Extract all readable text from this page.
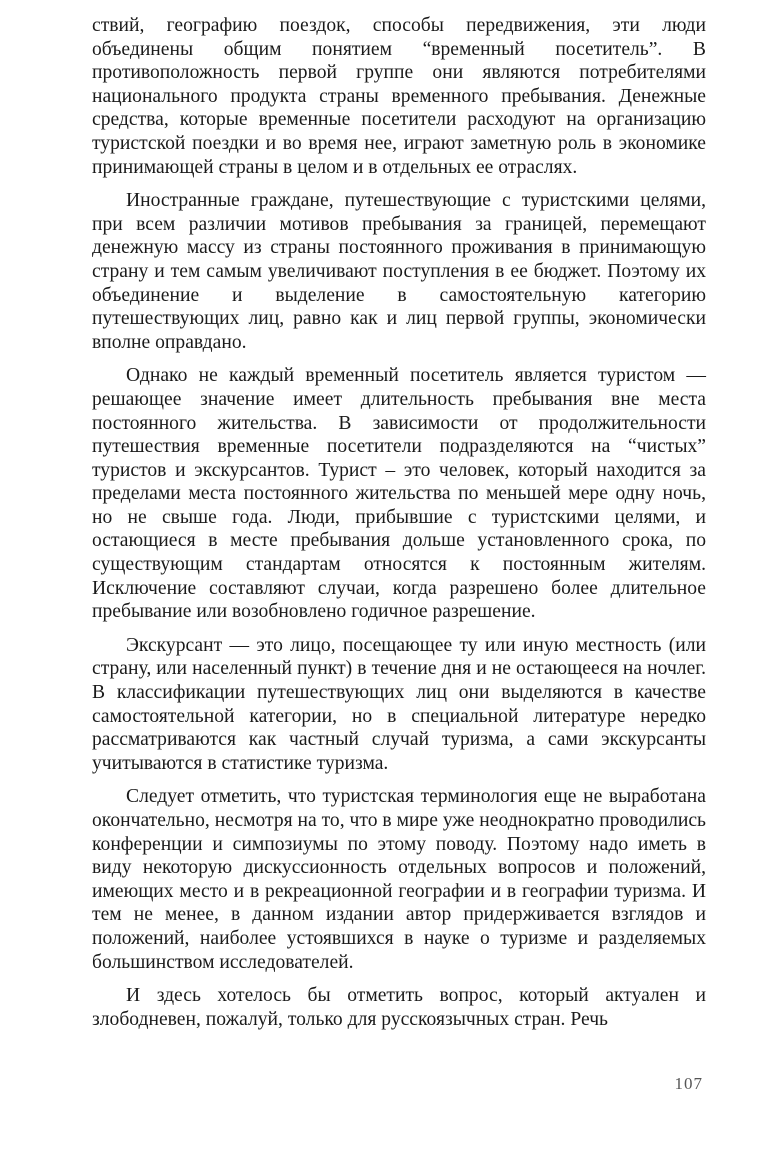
ствий, географию поездок, способы передвижения, эти люди объединены общим понятием “временный посетитель”. В противоположность первой группе они являются потребителями национального продукта страны временного пребывания. Денежные средства, которые временные посетители расходуют на организацию туристской поездки и во время нее, играют заметную роль в экономике принимающей страны в целом и в отдельных ее отраслях.

Иностранные граждане, путешествующие с туристскими целями, при всем различии мотивов пребывания за границей, перемещают денежную массу из страны постоянного проживания в принимающую страну и тем самым увеличивают поступления в ее бюджет. Поэтому их объединение и выделение в самостоятельную категорию путешествующих лиц, равно как и лиц первой группы, экономически вполне оправдано.

Однако не каждый временный посетитель является туристом — решающее значение имеет длительность пребывания вне места постоянного жительства. В зависимости от продолжительности путешествия временные посетители подразделяются на “чистых” туристов и экскурсантов. Турист – это человек, который находится за пределами места постоянного жительства по меньшей мере одну ночь, но не свыше года. Люди, прибывшие с туристскими целями, и остающиеся в месте пребывания дольше установленного срока, по существующим стандартам относятся к постоянным жителям. Исключение составляют случаи, когда разрешено более длительное пребывание или возобновлено годичное разрешение.

Экскурсант — это лицо, посещающее ту или иную местность (или страну, или населенный пункт) в течение дня и не остающееся на ночлег. В классификации путешествующих лиц они выделяются в качестве самостоятельной категории, но в специальной литературе нередко рассматриваются как частный случай туризма, а сами экскурсанты учитываются в статистике туризма.

Следует отметить, что туристская терминология еще не выработана окончательно, несмотря на то, что в мире уже неоднократно проводились конференции и симпозиумы по этому поводу. Поэтому надо иметь в виду некоторую дискуссионность отдельных вопросов и положений, имеющих место и в рекреационной географии и в географии туризма. И тем не менее, в данном издании автор придерживается взглядов и положений, наиболее устоявшихся в науке о туризме и разделяемых большинством исследователей.

И здесь хотелось бы отметить вопрос, который актуален и злободневен, пожалуй, только для русскоязычных стран. Речь

107
